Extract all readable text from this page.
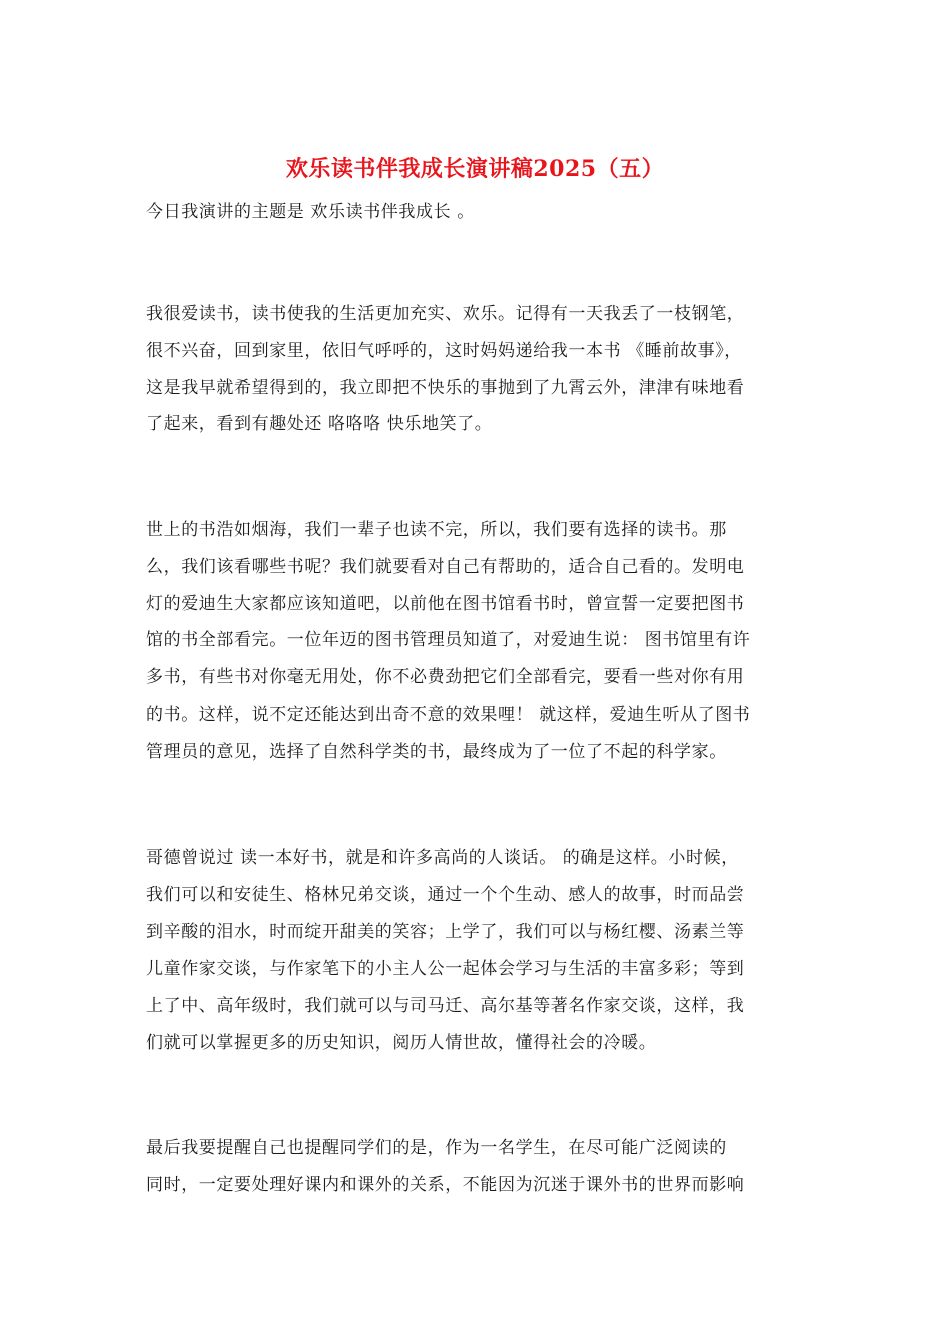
欢乐读书伴我成长演讲稿2025（五）
今日我演讲的主题是 欢乐读书伴我成长 。
我很爱读书，读书使我的生活更加充实、欢乐。记得有一天我丢了一枝钢笔，
很不兴奋，回到家里，依旧气呼呼的，这时妈妈递给我一本书 《睡前故事》，
这是我早就希望得到的，我立即把不快乐的事抛到了九霄云外，津津有味地看
了起来，看到有趣处还 咯咯咯 快乐地笑了。
世上的书浩如烟海，我们一辈子也读不完，所以，我们要有选择的读书。那
么，我们该看哪些书呢？我们就要看对自己有帮助的，适合自己看的。发明电
灯的爱迪生大家都应该知道吧，以前他在图书馆看书时，曾宣誓一定要把图书
馆的书全部看完。一位年迈的图书管理员知道了，对爱迪生说： 图书馆里有许
多书，有些书对你毫无用处，你不必费劲把它们全部看完，要看一些对你有用
的书。这样，说不定还能达到出奇不意的效果哩！ 就这样，爱迪生听从了图书
管理员的意见，选择了自然科学类的书，最终成为了一位了不起的科学家。
哥德曾说过 读一本好书，就是和许多高尚的人谈话。 的确是这样。小时候，
我们可以和安徒生、格林兄弟交谈，通过一个个生动、感人的故事，时而品尝
到辛酸的泪水，时而绽开甜美的笑容；上学了，我们可以与杨红樱、汤素兰等
儿童作家交谈，与作家笔下的小主人公一起体会学习与生活的丰富多彩；等到
上了中、高年级时，我们就可以与司马迁、高尔基等著名作家交谈，这样，我
们就可以掌握更多的历史知识，阅历人情世故，懂得社会的冷暖。
最后我要提醒自己也提醒同学们的是，作为一名学生，在尽可能广泛阅读的
同时，一定要处理好课内和课外的关系，不能因为沉迷于课外书的世界而影响
